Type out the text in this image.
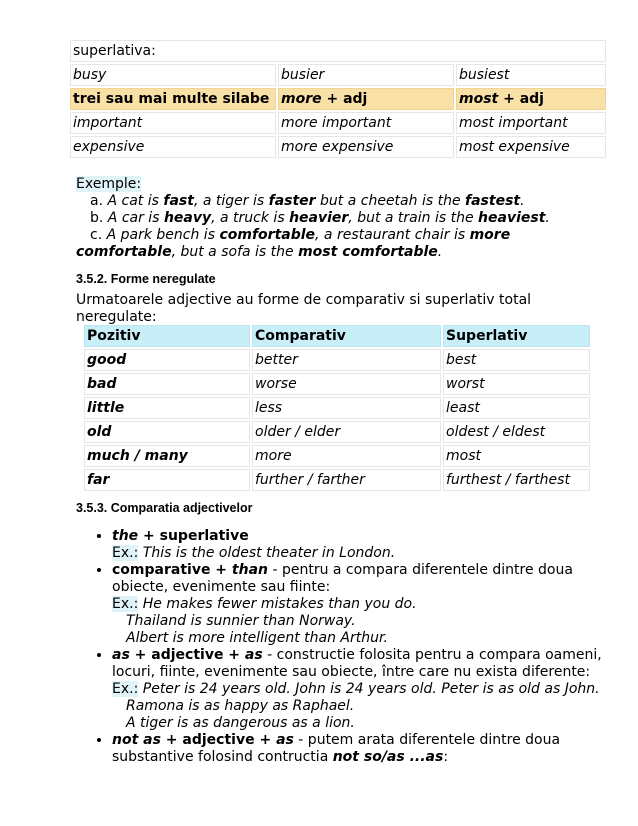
superlativa:		
busy	busier	busiest
trei sau mai multe silabe	more + adj	most + adj
important	more important	most important
expensive	more expensive	most expensive

Exemple:

a. A cat is fast, a tiger is faster but a cheetah is the fastest.

b. A car is heavy, a truck is heavier, but a train is the heaviest.

c. A park bench is comfortable, a restaurant chair is more

comfortable, but a sofa is the most comfortable.

3.5.2. Forme neregulate
Urmatoarele adjective au forme de comparativ si superlativ total neregulate:
Pozitiv	Comparativ	Superlativ
good	better	best
bad	worse	worst
little	less	least
old	older / elder	oldest / eldest
much / many	more	most
far	further / farther	furthest / farthest
3.5.3. Comparatia adjectivelor
• the + superlative
Ex.: This is the oldest theater in London.
• comparative + than - pentru a compara diferentele dintre doua obiecte, evenimente sau fiinte:
Ex.: He makes fewer mistakes than you do.
Thailand is sunnier than Norway.
Albert is more intelligent than Arthur.
• as + adjective + as - constructie folosita pentru a compara oameni, locuri, fiinte, evenimente sau obiecte, între care nu exista diferente:
Ex.: Peter is 24 years old. John is 24 years old. Peter is as old as John.
Ramona is as happy as Raphael.
A tiger is as dangerous as a lion.
• not as + adjective + as - putem arata diferentele dintre doua substantive folosind contructia not so/as ...as:
